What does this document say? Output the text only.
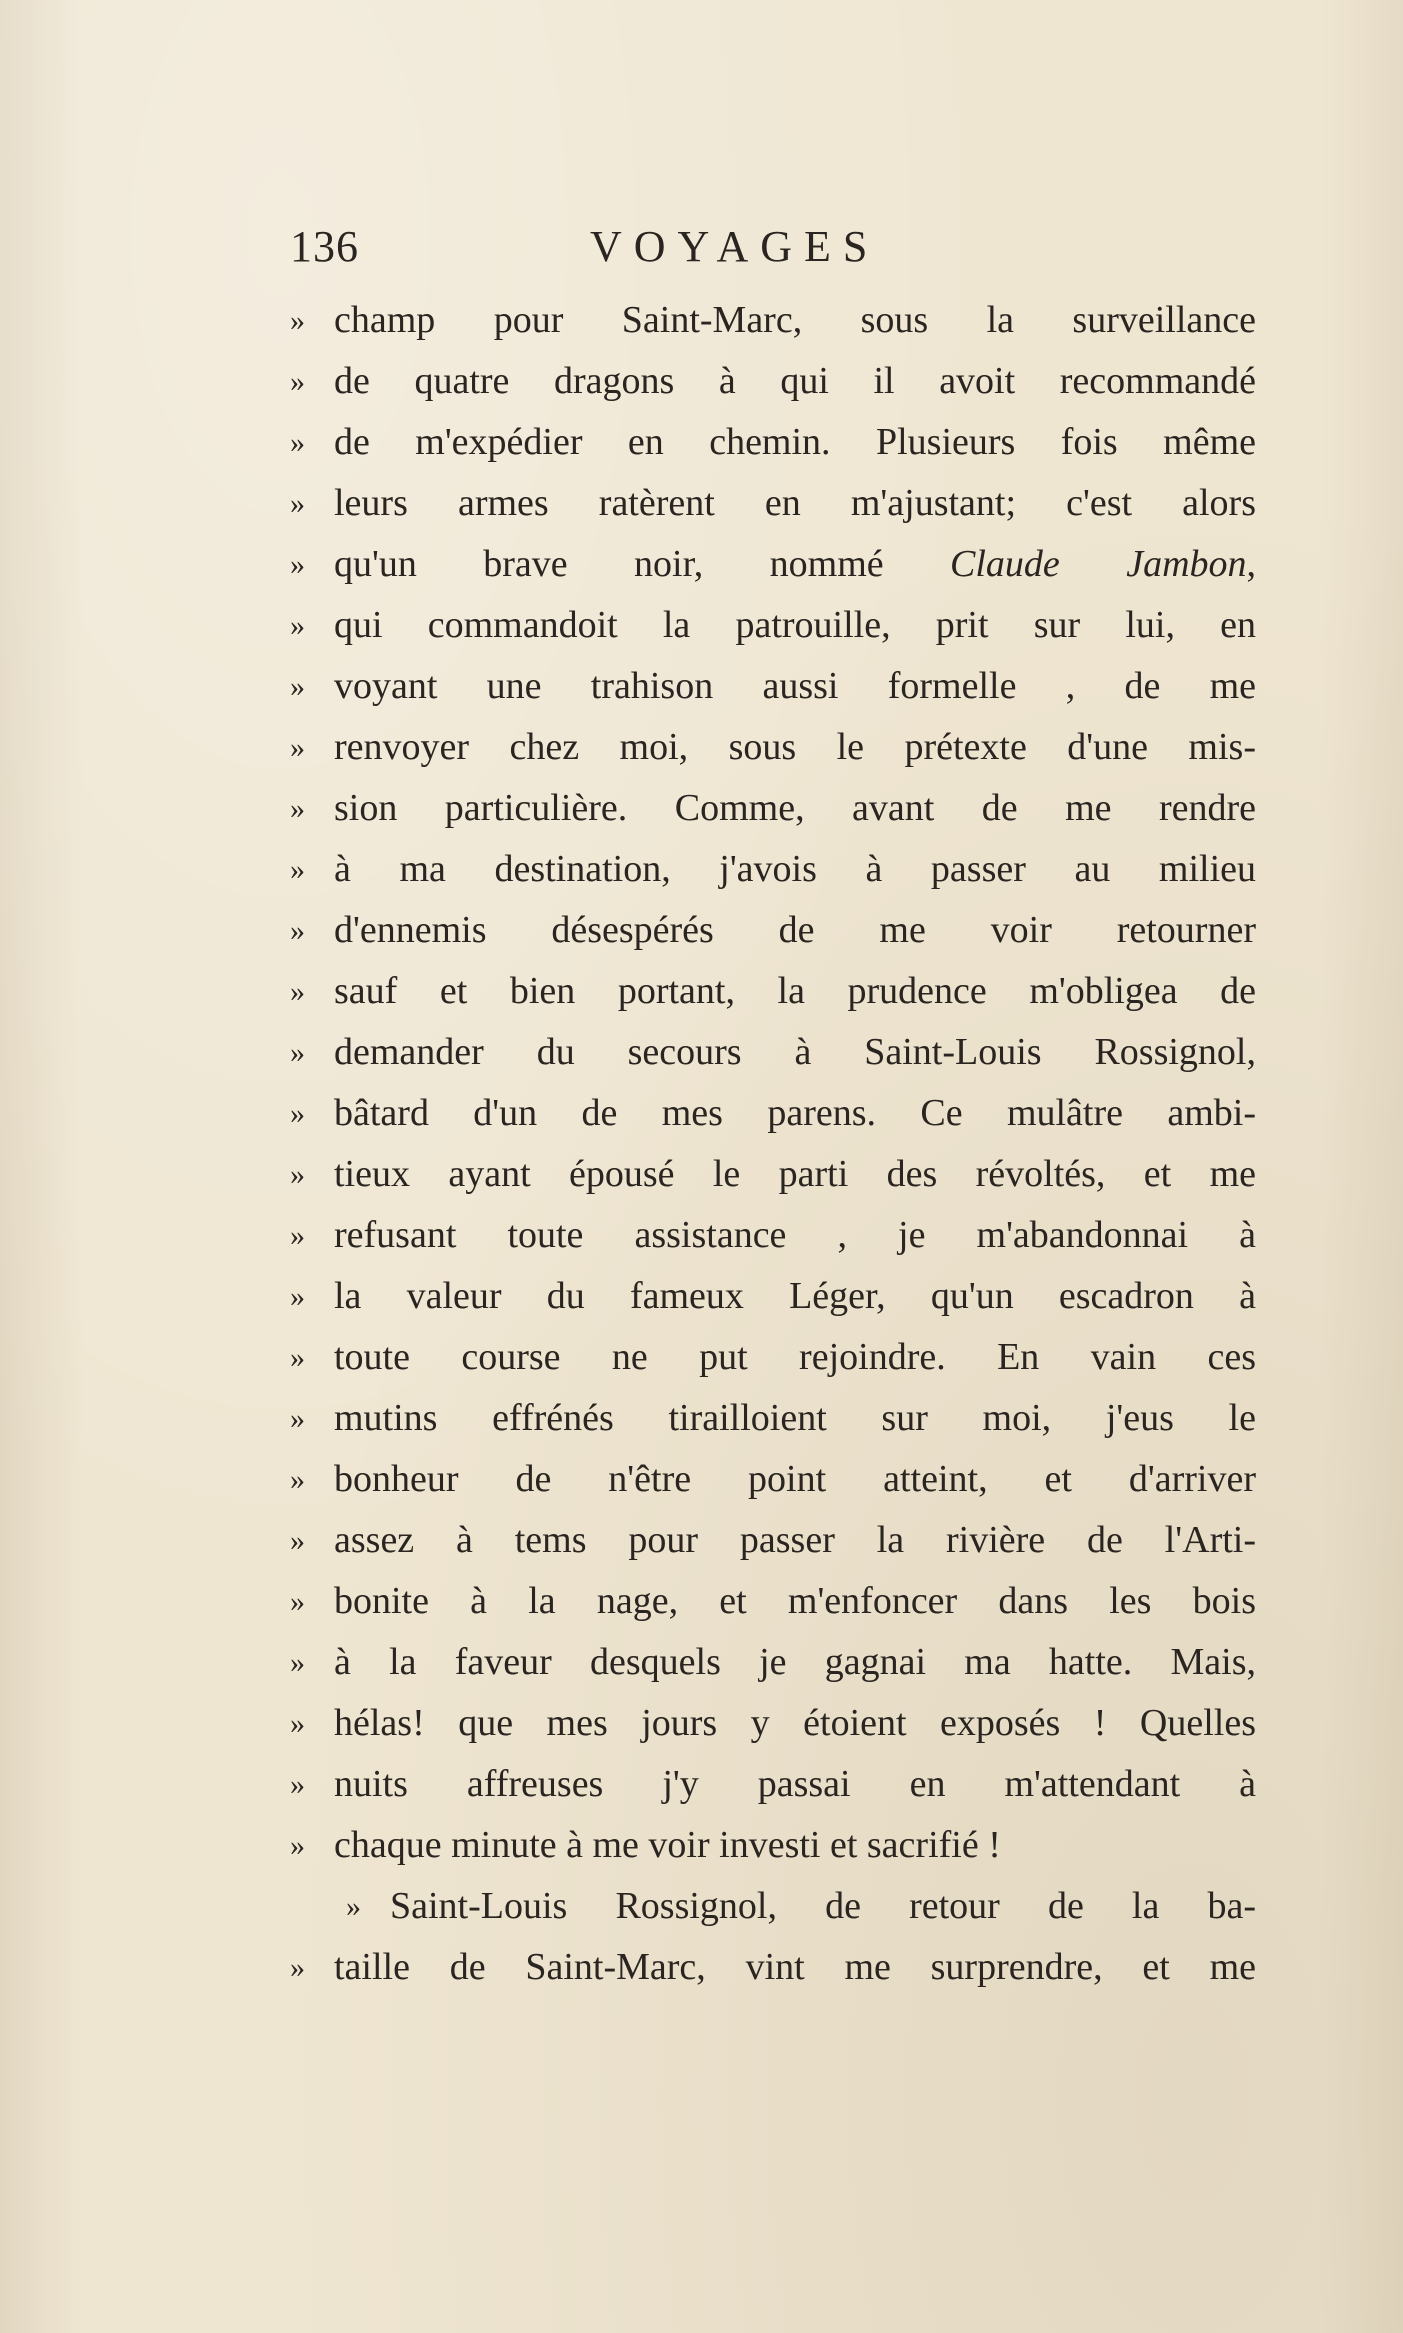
136	VOYAGES
» champ pour Saint-Marc, sous la surveillance
» de quatre dragons à qui il avoit recommandé
» de m'expédier en chemin. Plusieurs fois même
» leurs armes ratèrent en m'ajustant; c'est alors
» qu'un brave noir, nommé Claude Jambon,
» qui commandoit la patrouille, prit sur lui, en
» voyant une trahison aussi formelle , de me
» renvoyer chez moi, sous le prétexte d'une mis-
» sion particulière. Comme, avant de me rendre
» à ma destination, j'avois à passer au milieu
» d'ennemis désespérés de me voir retourner
» sauf et bien portant, la prudence m'obligea de
» demander du secours à Saint-Louis Rossignol,
» bâtard d'un de mes parens. Ce mulâtre ambi-
» tieux ayant épousé le parti des révoltés, et me
» refusant toute assistance , je m'abandonnai à
» la valeur du fameux Léger, qu'un escadron à
» toute course ne put rejoindre. En vain ces
» mutins effrénés tirailloient sur moi, j'eus le
» bonheur de n'être point atteint, et d'arriver
» assez à tems pour passer la rivière de l'Arti-
» bonite à la nage, et m'enfoncer dans les bois
» à la faveur desquels je gagnai ma hatte. Mais,
» hélas! que mes jours y étoient exposés ! Quelles
» nuits affreuses j'y passai en m'attendant à
» chaque minute à me voir investi et sacrifié !
» Saint-Louis Rossignol, de retour de la ba-
» taille de Saint-Marc, vint me surprendre, et me
